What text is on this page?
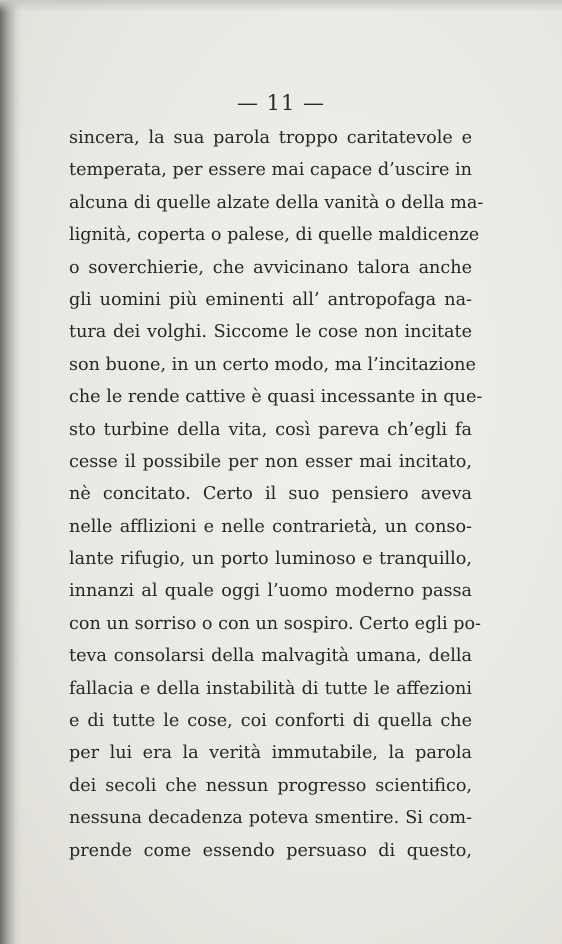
— 11 —
sincera, la sua parola troppo caritatevole e
temperata, per essere mai capace d’uscire in
alcuna di quelle alzate della vanità o della ma-
lignità, coperta o palese, di quelle maldicenze
o soverchierie, che avvicinano talora anche
gli uomini più eminenti all’ antropofaga na-
tura dei volghi. Siccome le cose non incitate
son buone, in un certo modo, ma l’incitazione
che le rende cattive è quasi incessante in que-
sto turbine della vita, così pareva ch’egli fa
cesse il possibile per non esser mai incitato,
nè concitato. Certo il suo pensiero aveva
nelle afflizioni e nelle contrarietà, un conso-
lante rifugio, un porto luminoso e tranquillo,
innanzi al quale oggi l’uomo moderno passa
con un sorriso o con un sospiro. Certo egli po-
teva consolarsi della malvagità umana, della
fallacia e della instabilità di tutte le affezioni
e di tutte le cose, coi conforti di quella che
per lui era la verità immutabile, la parola
dei secoli che nessun progresso scientifico,
nessuna decadenza poteva smentire. Si com-
prende come essendo persuaso di questo,
